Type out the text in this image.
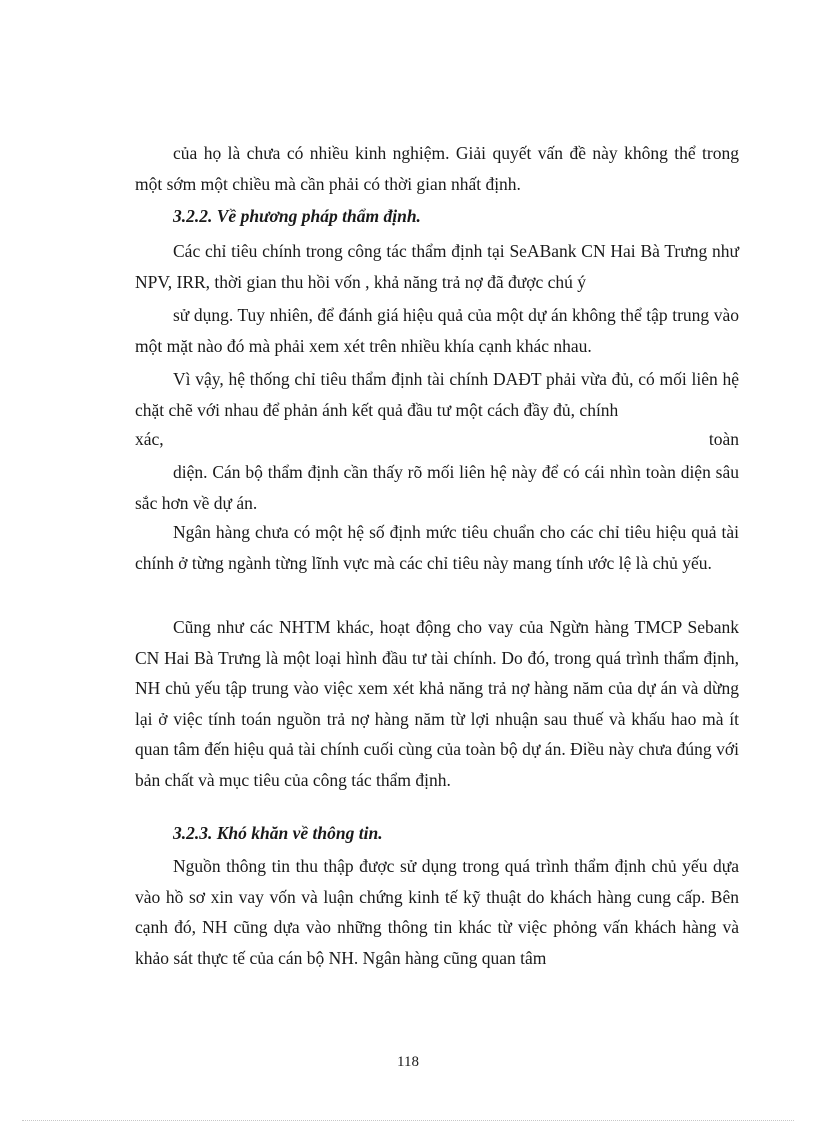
của họ là chưa có nhiều kinh nghiệm. Giải quyết vấn đề này không thể trong một sớm một chiều mà cần phải có thời gian nhất định.

3.2.2. Về phương pháp thẩm định.

Các chỉ tiêu chính trong công tác thẩm định tại SeABank CN Hai Bà Trưng như NPV, IRR, thời gian thu hồi vốn , khả năng trả nợ đã được chú ý

sử dụng. Tuy nhiên, để đánh giá hiệu quả của một dự án không thể tập trung vào một mặt nào đó mà phải xem xét trên nhiều khía cạnh khác nhau.

Vì vậy, hệ thống chỉ tiêu thẩm định tài chính DAĐT phải vừa đủ, có mối liên hệ chặt chẽ với nhau để phản ánh kết quả đầu tư một cách đầy đủ, chính

xác,	toàn

diện. Cán bộ thẩm định cần thấy rõ mối liên hệ này để có cái nhìn toàn diện sâu sắc hơn về dự án.

Ngân hàng chưa có một hệ số định mức tiêu chuẩn cho các chỉ tiêu hiệu quả tài chính ở từng ngành từng lĩnh vực mà các chỉ tiêu này mang tính ước lệ là chủ yếu.

Cũng như các NHTM khác, hoạt động cho vay của Ngừn hàng TMCP Sebank CN Hai Bà Trưng là một loại hình đầu tư tài chính. Do đó, trong quá trình thẩm định, NH chủ yếu tập trung vào việc xem xét khả năng trả nợ hàng năm của dự án và dừng lại ở việc tính toán nguồn trả nợ hàng năm từ lợi nhuận sau thuế và khấu hao mà ít quan tâm đến hiệu quả tài chính cuối cùng của toàn bộ dự án. Điều này chưa đúng với bản chất và mục tiêu của công tác thẩm định.

3.2.3. Khó khăn về thông tin.

Nguồn thông tin thu thập được sử dụng trong quá trình thẩm định chủ yếu dựa vào hồ sơ xin vay vốn và luận chứng kinh tế kỹ thuật do khách hàng cung cấp. Bên cạnh đó, NH cũng dựa vào những thông tin khác từ việc phỏng vấn khách hàng và khảo sát thực tế của cán bộ NH. Ngân hàng cũng quan tâm

118
